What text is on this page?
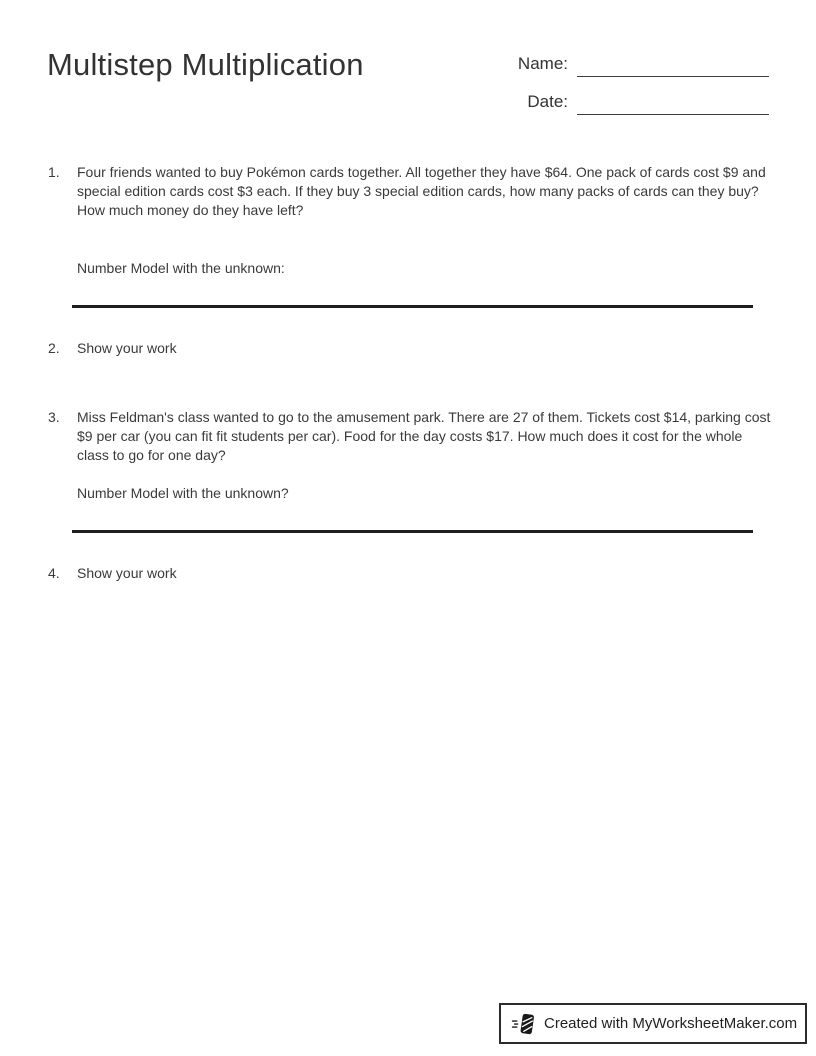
Multistep Multiplication	Name:
Date:
1.	Four friends wanted to buy Pokémon cards together. All together they have $64. One pack of cards cost $9 and special edition cards cost $3 each. If they buy 3 special edition cards, how many packs of cards can they buy? How much money do they have left?
Number Model with the unknown:
2.	Show your work
3.	Miss Feldman's class wanted to go to the amusement park. There are 27 of them. Tickets cost $14, parking cost $9 per car (you can fit fit students per car). Food for the day costs $17. How much does it cost for the whole class to go for one day?
Number Model with the unknown?
4.	Show your work
Created with MyWorksheetMaker.com
